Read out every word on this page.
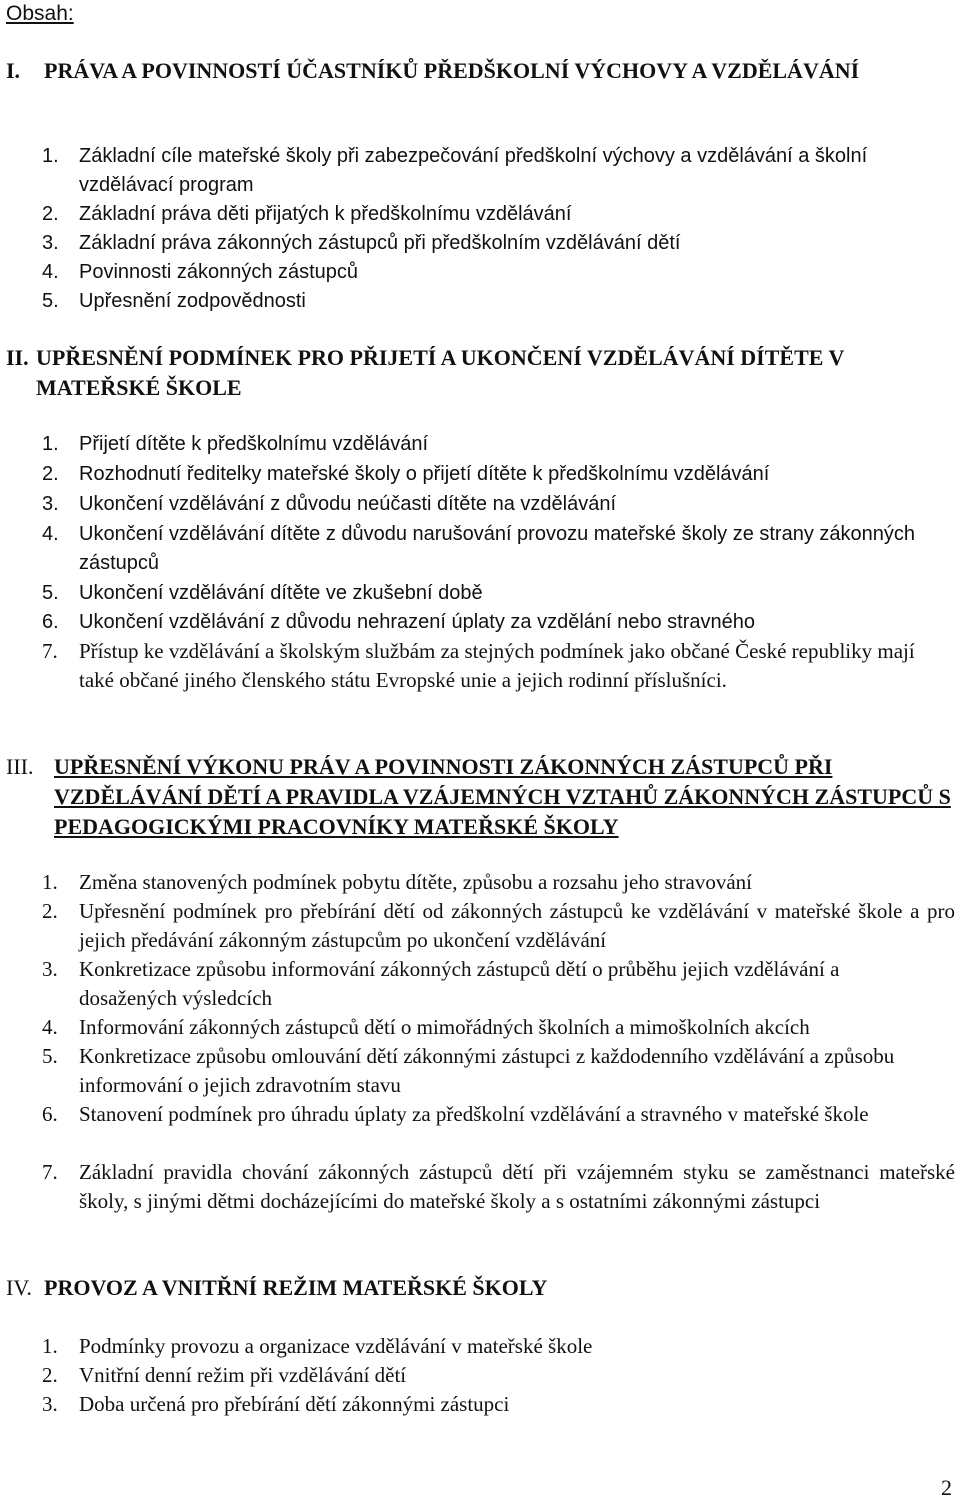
Obsah:
I. PRÁVA A POVINNOSTÍ ÚČASTNÍKŮ PŘEDŠKOLNÍ VÝCHOVY A VZDĚLÁVÁNÍ
1. Základní cíle mateřské školy při zabezpečování předškolní výchovy a vzdělávání a školní vzdělávací program
2. Základní práva děti přijatých k předškolnímu vzdělávání
3. Základní práva zákonných zástupců při předškolním vzdělávání dětí
4. Povinnosti zákonných zástupců
5. Upřesnění zodpovědnosti
II. UPŘESNĚNÍ PODMÍNEK PRO PŘIJETÍ A UKONČENÍ VZDĚLÁVÁNÍ DÍTĚTE V MATEŘSKÉ ŠKOLE
1. Přijetí dítěte k předškolnímu vzdělávání
2. Rozhodnutí ředitelky mateřské školy o přijetí dítěte k předškolnímu vzdělávání
3. Ukončení vzdělávání z důvodu neúčasti dítěte na vzdělávání
4. Ukončení vzdělávání dítěte z důvodu narušování provozu mateřské školy ze strany zákonných zástupců
5. Ukončení vzdělávání dítěte ve zkušební době
6. Ukončení vzdělávání z důvodu nehrazení úplaty za vzdělání nebo stravného
7. Přístup ke vzdělávání a školským službám za stejných podmínek jako občané České republiky mají také občané jiného členského státu Evropské unie a jejich rodinní příslušníci.
III. UPŘESNĚNÍ VÝKONU PRÁV A POVINNOSTI ZÁKONNÝCH ZÁSTUPCŮ PŘI VZDĚLÁVÁNÍ DĚTÍ A PRAVIDLA VZÁJEMNÝCH VZTAHŮ ZÁKONNÝCH ZÁSTUPCŮ S PEDAGOGICKÝMI PRACOVNÍKY MATEŘSKÉ ŠKOLY
1. Změna stanovených podmínek pobytu dítěte, způsobu a rozsahu jeho stravování
2. Upřesnění podmínek pro přebírání dětí od zákonných zástupců ke vzdělávání v mateřské škole a pro jejich předávání zákonným zástupcům po ukončení vzdělávání
3. Konkretizace způsobu informování zákonných zástupců dětí o průběhu jejich vzdělávání a dosažených výsledcích
4. Informování zákonných zástupců dětí o mimořádných školních a mimoškolních akcích
5. Konkretizace způsobu omlouvání dětí zákonnými zástupci z každodenního vzdělávání a způsobu informování o jejich zdravotním stavu
6. Stanovení podmínek pro úhradu úplaty za předškolní vzdělávání a stravného v mateřské škole
7. Základní pravidla chování zákonných zástupců dětí při vzájemném styku se zaměstnanci mateřské školy, s jinými dětmi docházejícími do mateřské školy a s ostatními zákonnými zástupci
IV. PROVOZ A VNITŘNÍ REŽIM MATEŘSKÉ ŠKOLY
1. Podmínky provozu a organizace vzdělávání v mateřské škole
2. Vnitřní denní režim při vzdělávání dětí
3. Doba určená pro přebírání dětí zákonnými zástupci
2
